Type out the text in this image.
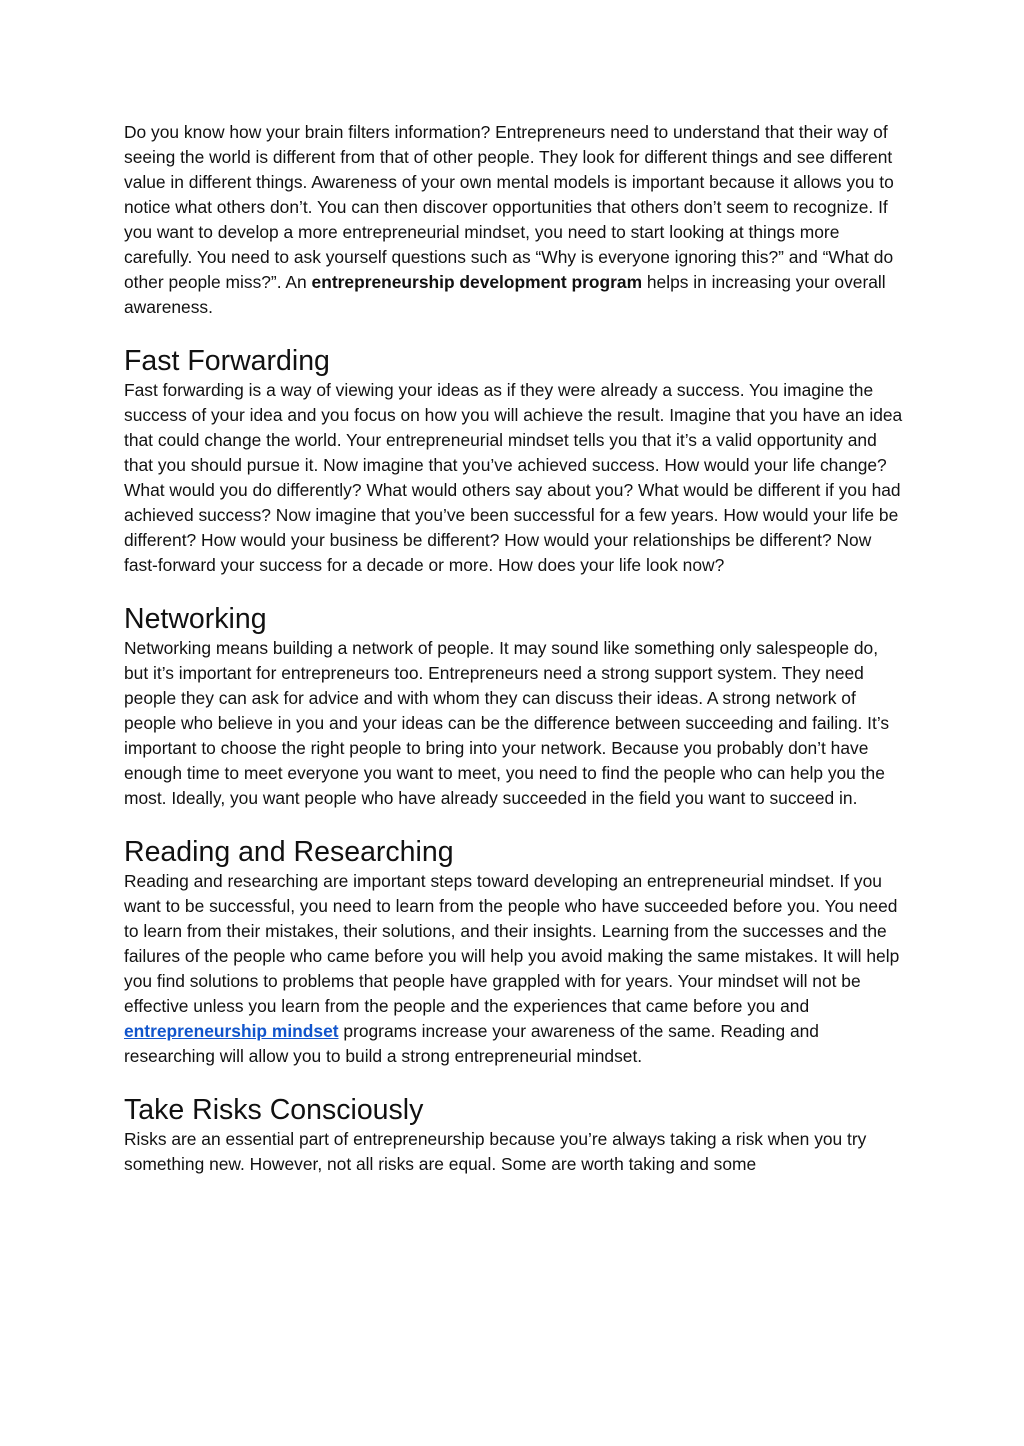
Do you know how your brain filters information? Entrepreneurs need to understand that their way of seeing the world is different from that of other people. They look for different things and see different value in different things. Awareness of your own mental models is important because it allows you to notice what others don’t. You can then discover opportunities that others don’t seem to recognize. If you want to develop a more entrepreneurial mindset, you need to start looking at things more carefully. You need to ask yourself questions such as “Why is everyone ignoring this?” and “What do other people miss?”. An entrepreneurship development program helps in increasing your overall awareness.

Fast Forwarding

Fast forwarding is a way of viewing your ideas as if they were already a success. You imagine the success of your idea and you focus on how you will achieve the result. Imagine that you have an idea that could change the world. Your entrepreneurial mindset tells you that it’s a valid opportunity and that you should pursue it. Now imagine that you’ve achieved success. How would your life change? What would you do differently? What would others say about you? What would be different if you had achieved success? Now imagine that you’ve been successful for a few years. How would your life be different? How would your business be different? How would your relationships be different? Now fast-forward your success for a decade or more. How does your life look now?

Networking

Networking means building a network of people. It may sound like something only salespeople do, but it’s important for entrepreneurs too. Entrepreneurs need a strong support system. They need people they can ask for advice and with whom they can discuss their ideas. A strong network of people who believe in you and your ideas can be the difference between succeeding and failing. It’s important to choose the right people to bring into your network. Because you probably don’t have enough time to meet everyone you want to meet, you need to find the people who can help you the most. Ideally, you want people who have already succeeded in the field you want to succeed in.

Reading and Researching

Reading and researching are important steps toward developing an entrepreneurial mindset. If you want to be successful, you need to learn from the people who have succeeded before you. You need to learn from their mistakes, their solutions, and their insights. Learning from the successes and the failures of the people who came before you will help you avoid making the same mistakes. It will help you find solutions to problems that people have grappled with for years. Your mindset will not be effective unless you learn from the people and the experiences that came before you and entrepreneurship mindset programs increase your awareness of the same. Reading and researching will allow you to build a strong entrepreneurial mindset.

Take Risks Consciously

Risks are an essential part of entrepreneurship because you’re always taking a risk when you try something new. However, not all risks are equal. Some are worth taking and some
